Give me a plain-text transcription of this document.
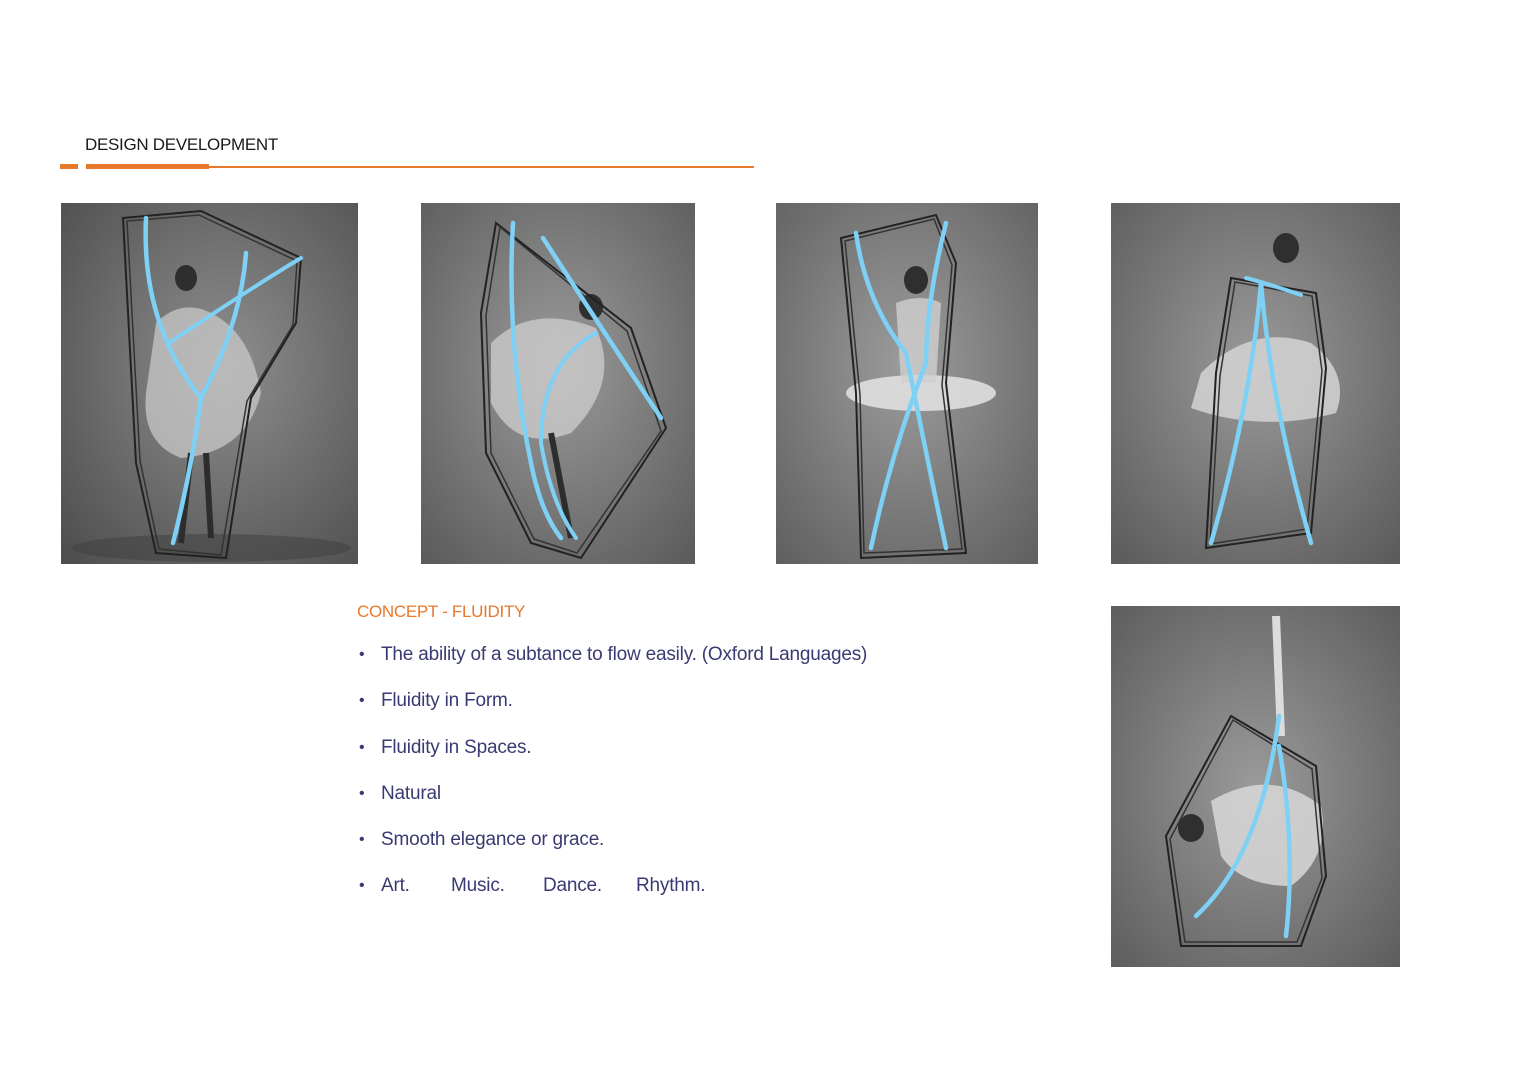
DESIGN DEVELOPMENT
CONCEPT - FLUIDITY
• The ability of a subtance to flow easily. (Oxford Languages)
• Fluidity in Form.
• Fluidity in Spaces.
• Natural
• Smooth elegance or grace.
• Art. Music. Dance. Rhythm.
